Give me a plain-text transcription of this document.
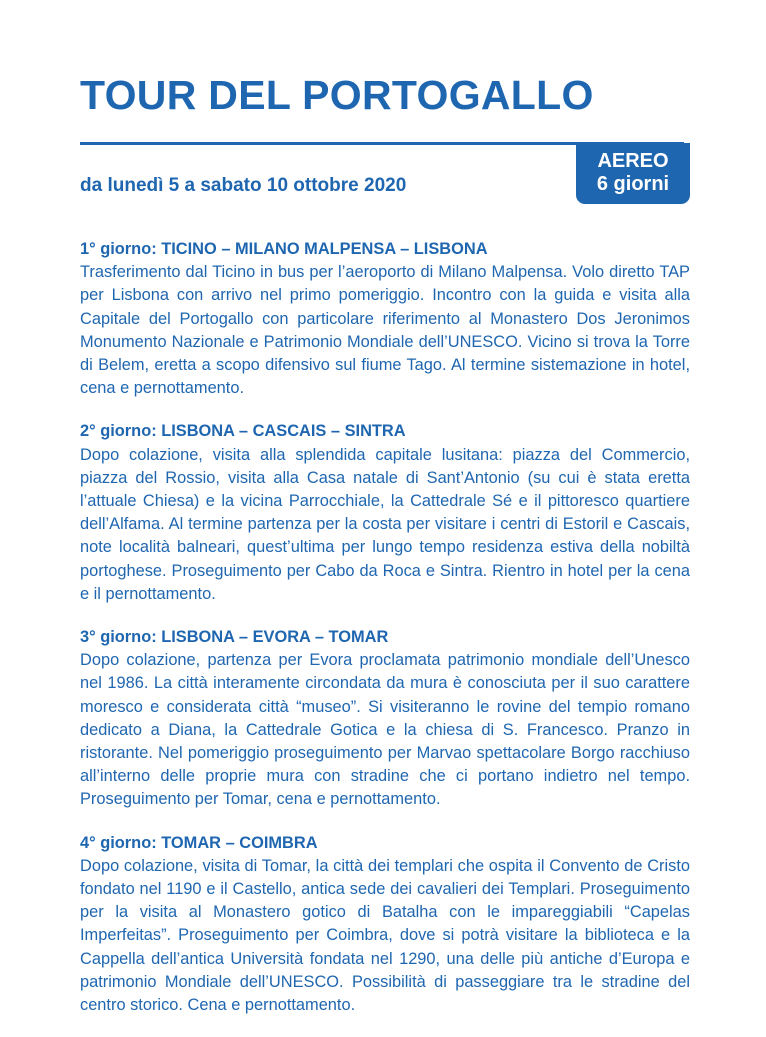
TOUR DEL PORTOGALLO
da lunedì 5 a sabato 10 ottobre 2020
AEREO
6 giorni

1° giorno: TICINO – MILANO MALPENSA – LISBONA

Trasferimento dal Ticino in bus per l’aeroporto di Milano Malpensa. Volo diretto TAP per Lisbona con arrivo nel primo pomeriggio. Incontro con la guida e visita alla Capitale del Portogallo con particolare riferimento al Monastero Dos Jeronimos Monumento Nazionale e Patrimonio Mondiale dell’UNESCO. Vicino si trova la Torre di Belem, eretta a scopo difensivo sul fiume Tago. Al termine sistemazione in hotel, cena e pernottamento.

2° giorno: LISBONA – CASCAIS – SINTRA

Dopo colazione, visita alla splendida capitale lusitana: piazza del Commercio, piazza del Rossio, visita alla Casa natale di Sant’Antonio (su cui è stata eretta l’attuale Chiesa) e la vicina Parrocchiale, la Cattedrale Sé e il pittoresco quartiere dell’Alfama. Al termine partenza per la costa per visitare i centri di Estoril e Cascais, note località balneari, quest’ultima per lungo tempo residenza estiva della nobiltà portoghese. Proseguimento per Cabo da Roca e Sintra. Rientro in hotel per la cena e il pernottamento.

3° giorno: LISBONA – EVORA – TOMAR

Dopo colazione, partenza per Evora proclamata patrimonio mondiale dell’Unesco nel 1986. La città interamente circondata da mura è conosciuta per il suo carattere moresco e considerata città “museo”. Si visiteranno le rovine del tempio romano dedicato a Diana, la Cattedrale Gotica e la chiesa di S. Francesco. Pranzo in ristorante. Nel pomeriggio proseguimento per Marvao spettacolare Borgo racchiuso all’interno delle proprie mura con stradine che ci portano indietro nel tempo. Proseguimento per Tomar, cena e pernottamento.

4° giorno: TOMAR – COIMBRA

Dopo colazione, visita di Tomar, la città dei templari che ospita il Convento de Cristo fondato nel 1190 e il Castello, antica sede dei cavalieri dei Templari. Proseguimento per la visita al Monastero gotico di Batalha con le impareggiabili “Capelas Imperfeitas”. Proseguimento per Coimbra, dove si potrà visitare la biblioteca e la Cappella dell’antica Università fondata nel 1290, una delle più antiche d’Europa e patrimonio Mondiale dell’UNESCO. Possibilità di passeggiare tra le stradine del centro storico. Cena e pernottamento.
